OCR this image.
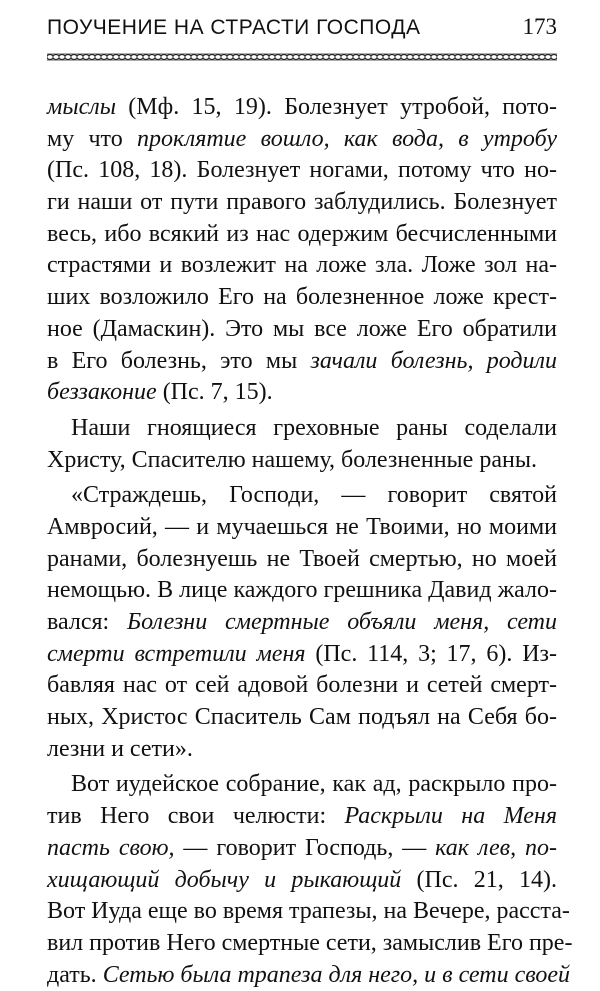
ПОУЧЕНИЕ НА СТРАСТИ ГОСПОДА	173
мыслы (Мф. 15, 19). Болезнует утробой, пото-
му что проклятие вошло, как вода, в утробу
(Пс. 108, 18). Болезнует ногами, потому что но-
ги наши от пути правого заблудились. Болезнует
весь, ибо всякий из нас одержим бесчисленными
страстями и возлежит на ложе зла. Ложе зол на-
ших возложило Его на болезненное ложе крест-
ное (Дамаскин). Это мы все ложе Его обратили
в Его болезнь, это мы зачали болезнь, родили
беззаконие (Пс. 7, 15).
Наши гноящиеся греховные раны соделали
Христу, Спасителю нашему, болезненные раны.
«Страждешь, Господи, — говорит святой
Амвросий, — и мучаешься не Твоими, но моими
ранами, болезнуешь не Твоей смертью, но моей
немощью. В лице каждого грешника Давид жало-
вался: Болезни смертные объяли меня, сети
смерти встретили меня (Пс. 114, 3; 17, 6). Из-
бавляя нас от сей адовой болезни и сетей смерт-
ных, Христос Спаситель Сам подъял на Себя бо-
лезни и сети».
Вот иудейское собрание, как ад, раскрыло про-
тив Него свои челюсти: Раскрыли на Меня
пасть свою, — говорит Господь, — как лев, по-
хищающий добычу и рыкающий (Пс. 21, 14).
Вот Иуда еще во время трапезы, на Вечере, расста-
вил против Него смертные сети, замыслив Его пре-
дать. Сетью была трапеза для него, и в сети своей
